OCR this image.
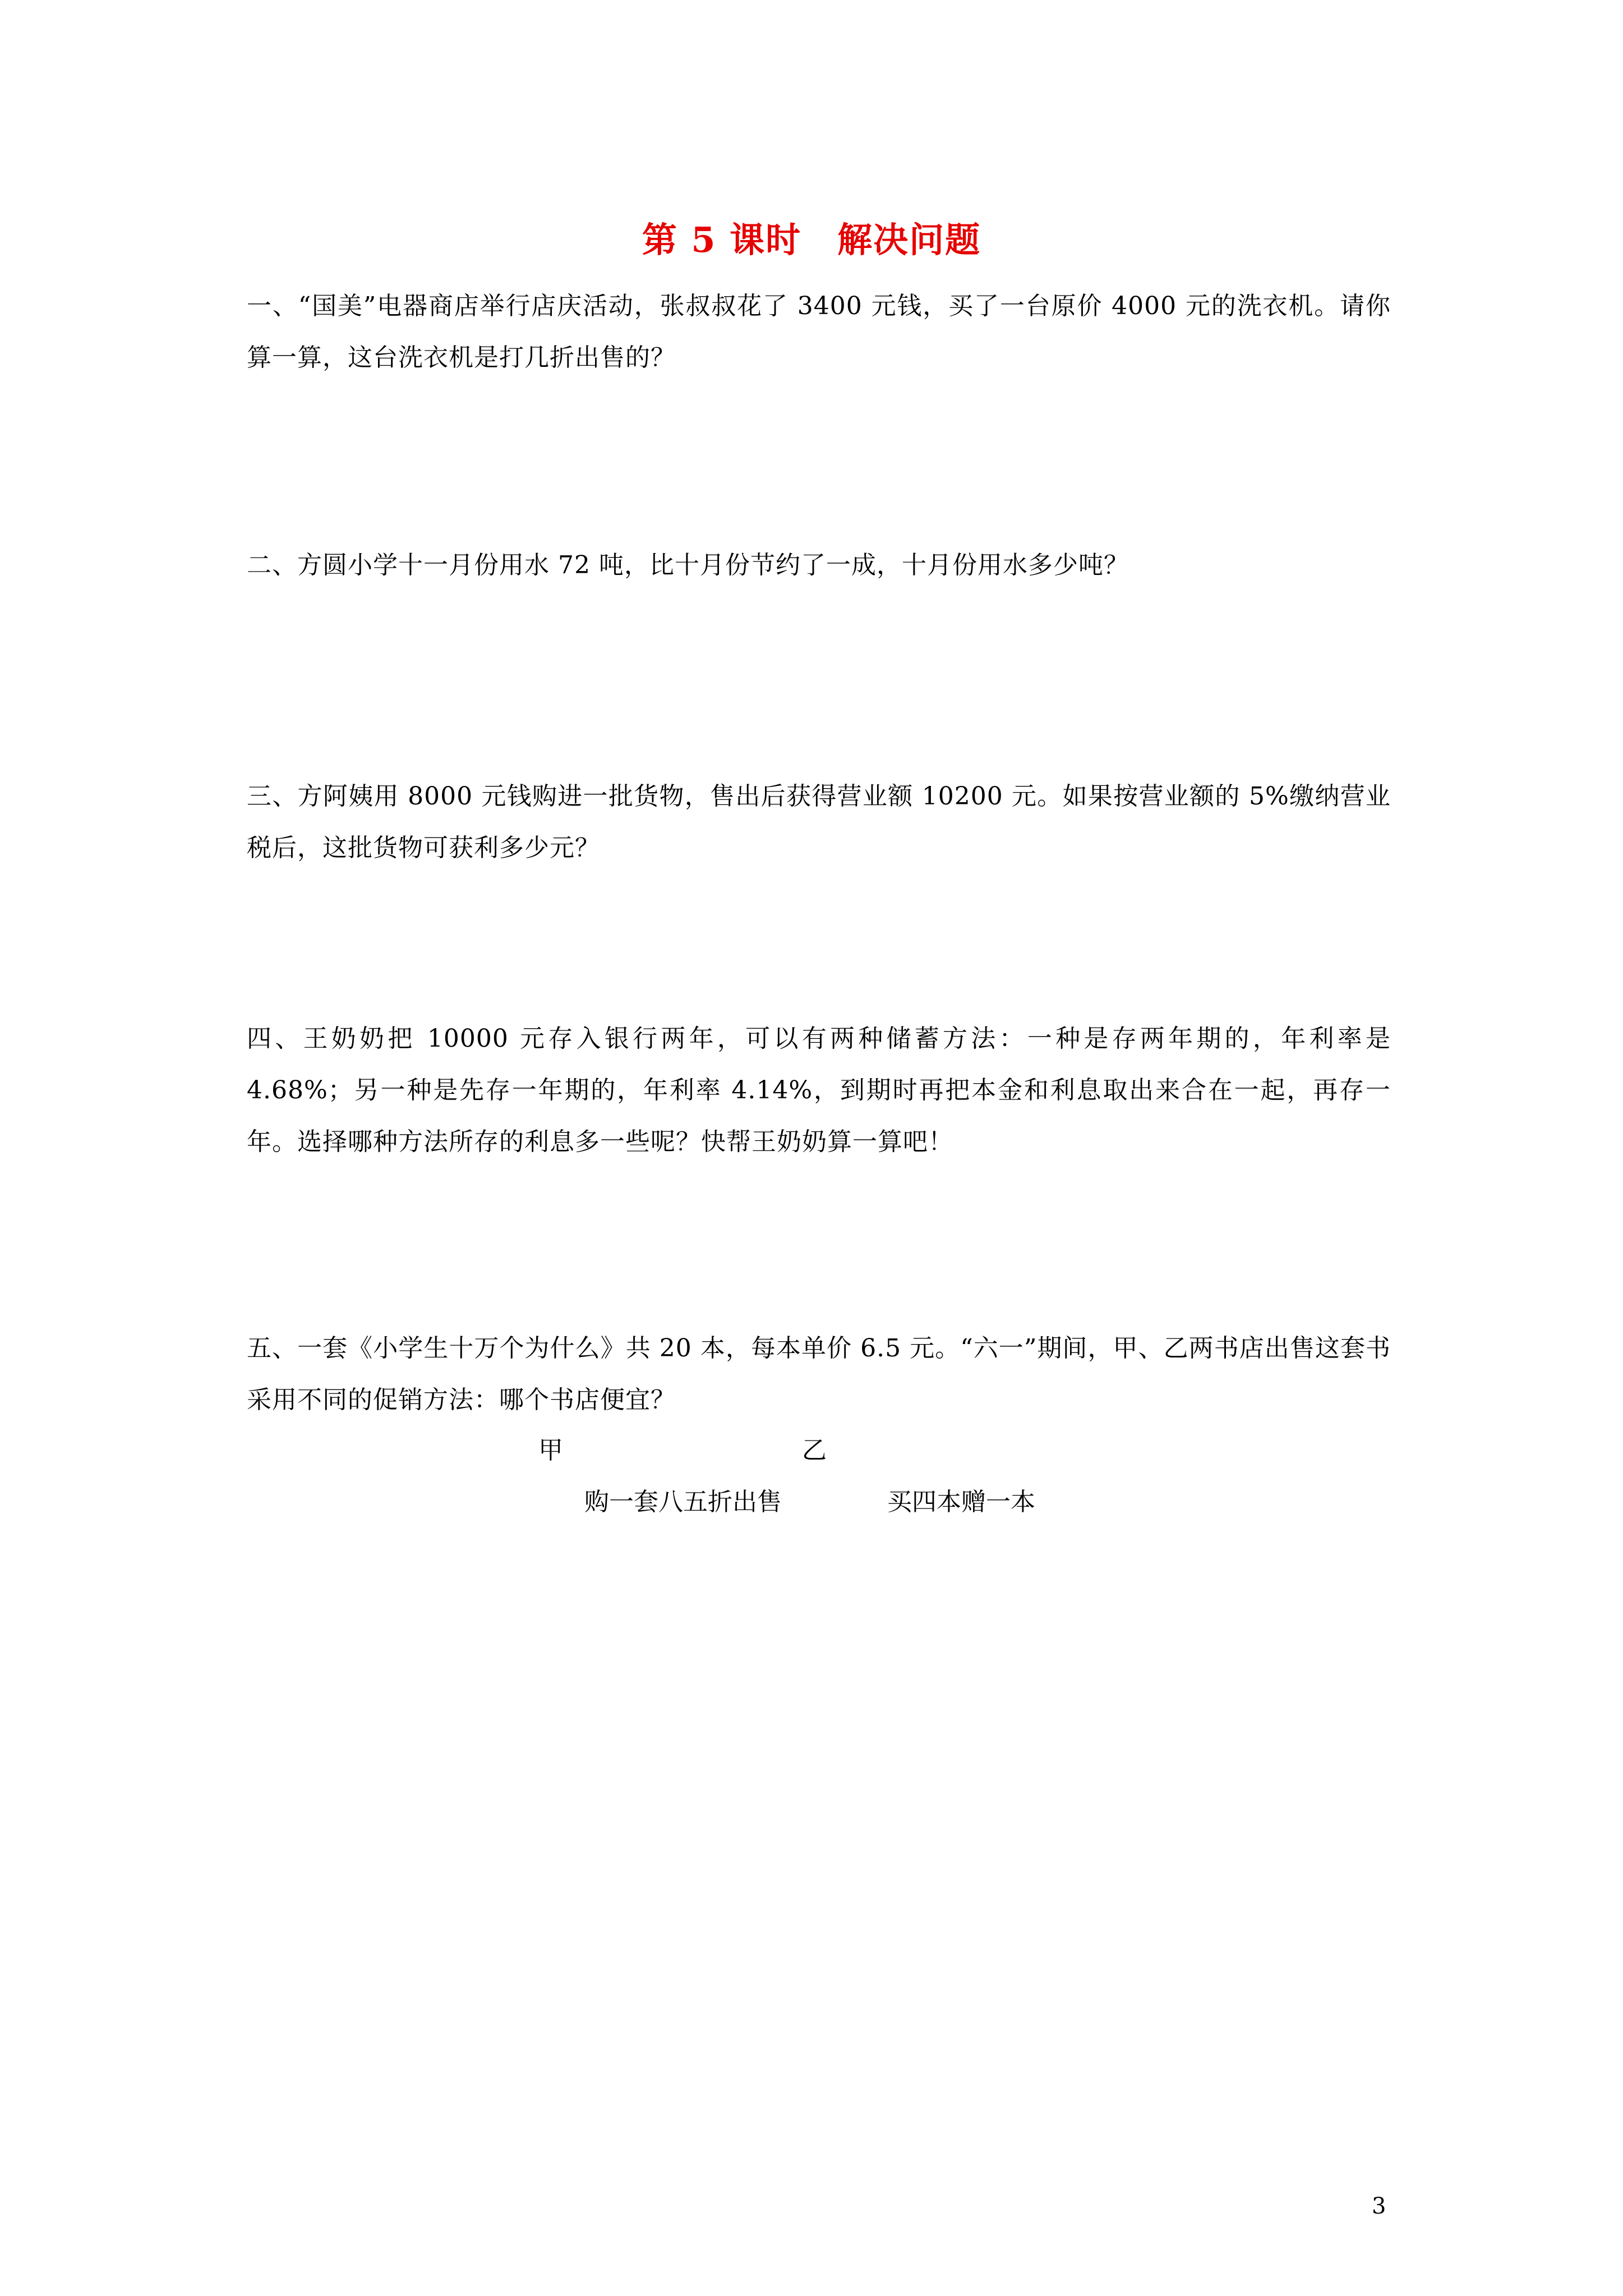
第 5 课时　解决问题
一、“国美”电器商店举行店庆活动，张叔叔花了 3400 元钱，买了一台原价 4000 元的洗衣机。请你算一算，这台洗衣机是打几折出售的？
二、方圆小学十一月份用水 72 吨，比十月份节约了一成，十月份用水多少吨？
三、方阿姨用 8000 元钱购进一批货物，售出后获得营业额 10200 元。如果按营业额的 5%缴纳营业税后，这批货物可获利多少元？
四、王奶奶把 10000 元存入银行两年，可以有两种储蓄方法：一种是存两年期的，年利率是 4.68%；另一种是先存一年期的，年利率 4.14%，到期时再把本金和利息取出来合在一起，再存一年。选择哪种方法所存的利息多一些呢？快帮王奶奶算一算吧！
五、一套《小学生十万个为什么》共 20 本，每本单价 6.5 元。“六一”期间，甲、乙两书店出售这套书采用不同的促销方法：哪个书店便宜？
甲	乙
购一套八五折出售	买四本赠一本
3
